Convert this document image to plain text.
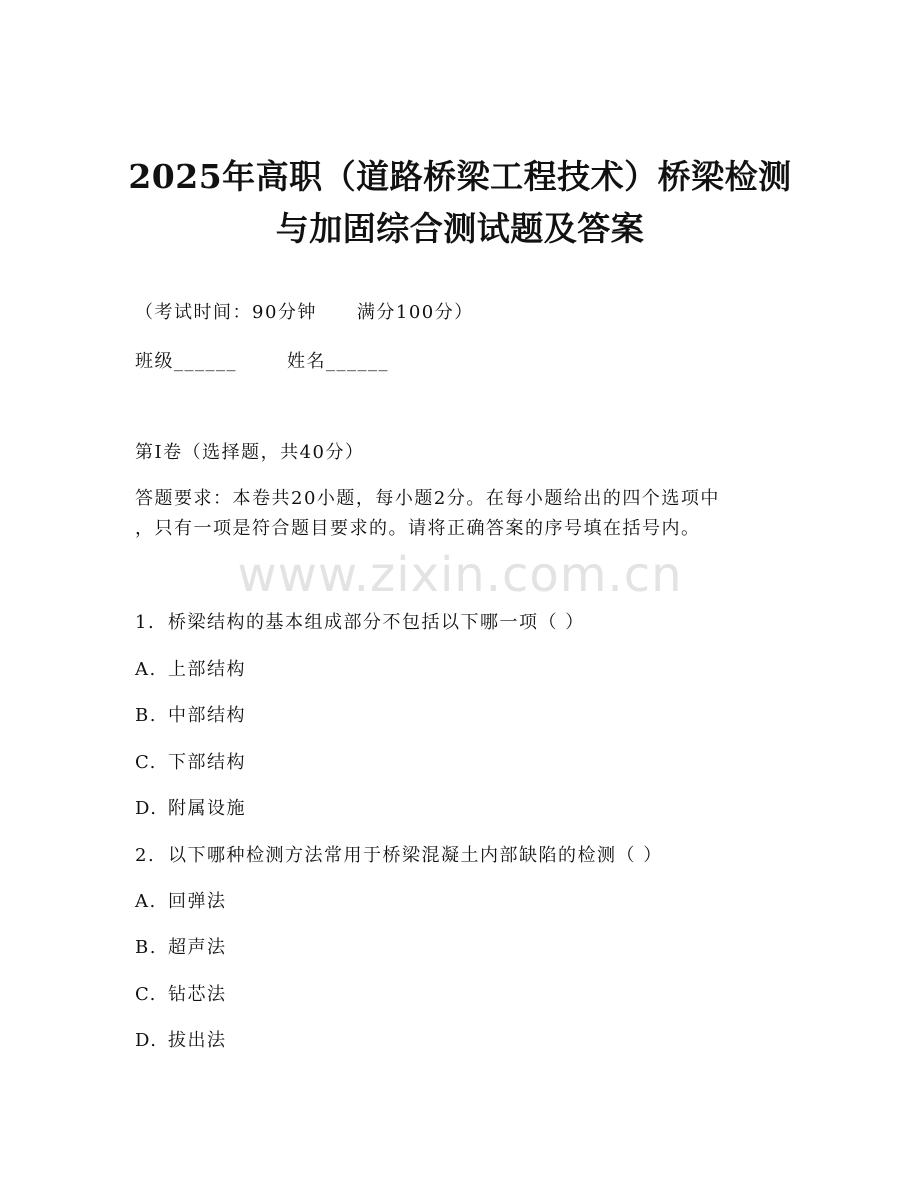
2025年高职（道路桥梁工程技术）桥梁检测
与加固综合测试题及答案
（考试时间：90分钟 满分100分）
班级______	姓名______
第I卷（选择题，共40分）
答题要求：本卷共20小题，每小题2分。在每小题给出的四个选项中
，只有一项是符合题目要求的。请将正确答案的序号填在括号内。
www.zixin.com.cn
1. 桥梁结构的基本组成部分不包括以下哪一项（ ）
A. 上部结构
B. 中部结构
C. 下部结构
D. 附属设施
2. 以下哪种检测方法常用于桥梁混凝土内部缺陷的检测（ ）
A. 回弹法
B. 超声法
C. 钻芯法
D. 拔出法
